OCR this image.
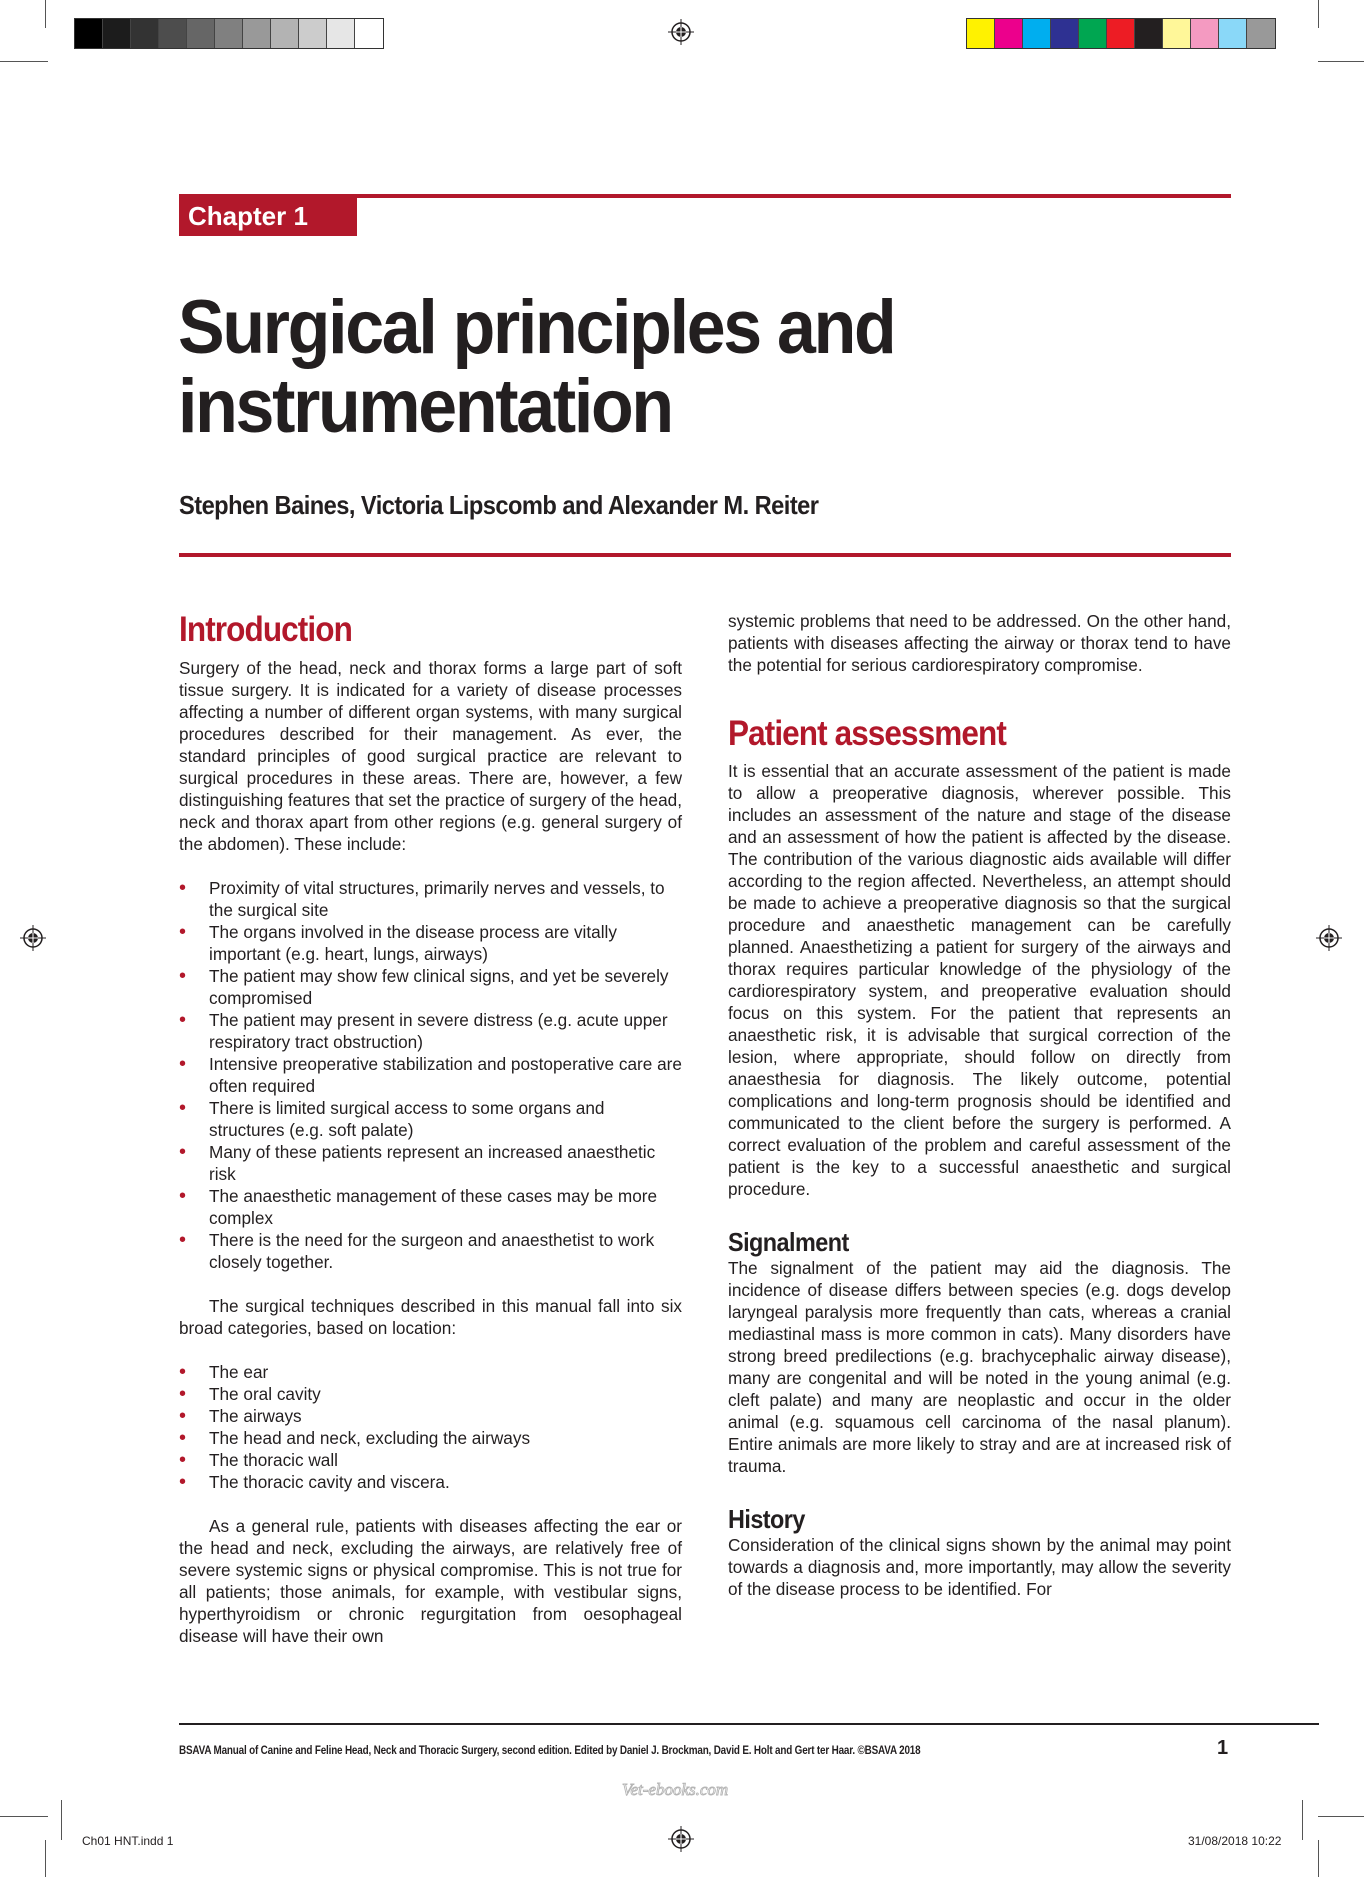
Chapter 1
Surgical principles and
instrumentation
Stephen Baines, Victoria Lipscomb and Alexander M. Reiter
Introduction

Surgery of the head, neck and thorax forms a large part of soft tissue surgery. It is indicated for a variety of disease processes affecting a number of different organ systems, with many surgical procedures described for their management. As ever, the standard principles of good surgical practice are relevant to surgical procedures in these areas. There are, however, a few distinguishing features that set the practice of surgery of the head, neck and thorax apart from other regions (e.g. general surgery of the abdomen). These include:

• Proximity of vital structures, primarily nerves and vessels, to the surgical site
• The organs involved in the disease process are vitally important (e.g. heart, lungs, airways)
• The patient may show few clinical signs, and yet be severely compromised
• The patient may present in severe distress (e.g. acute upper respiratory tract obstruction)
• Intensive preoperative stabilization and postoperative care are often required
• There is limited surgical access to some organs and structures (e.g. soft palate)
• Many of these patients represent an increased anaesthetic risk
• The anaesthetic management of these cases may be more complex
• There is the need for the surgeon and anaesthetist to work closely together.

The surgical techniques described in this manual fall into six broad categories, based on location:

• The ear
• The oral cavity
• The airways
• The head and neck, excluding the airways
• The thoracic wall
• The thoracic cavity and viscera.

As a general rule, patients with diseases affecting the ear or the head and neck, excluding the airways, are relatively free of severe systemic signs or physical compromise. This is not true for all patients; those animals, for example, with vestibular signs, hyperthyroidism or chronic regurgitation from oesophageal disease will have their own

systemic problems that need to be addressed. On the other hand, patients with diseases affecting the airway or thorax tend to have the potential for serious cardiorespiratory compromise.

Patient assessment

It is essential that an accurate assessment of the patient is made to allow a preoperative diagnosis, wherever possible. This includes an assessment of the nature and stage of the disease and an assessment of how the patient is affected by the disease. The contribution of the various diagnostic aids available will differ according to the region affected. Nevertheless, an attempt should be made to achieve a preoperative diagnosis so that the surgical procedure and anaesthetic management can be carefully planned. Anaesthetizing a patient for surgery of the airways and thorax requires particular knowledge of the physiology of the cardiorespiratory system, and preoperative evaluation should focus on this system. For the patient that represents an anaesthetic risk, it is advisable that surgical correction of the lesion, where appropriate, should follow on directly from anaesthesia for diagnosis. The likely outcome, potential complications and long-term prognosis should be identified and communicated to the client before the surgery is performed. A correct evaluation of the problem and careful assessment of the patient is the key to a successful anaesthetic and surgical procedure.

Signalment

The signalment of the patient may aid the diagnosis. The incidence of disease differs between species (e.g. dogs develop laryngeal paralysis more frequently than cats, whereas a cranial mediastinal mass is more common in cats). Many disorders have strong breed predilections (e.g. brachycephalic airway disease), many are congenital and will be noted in the young animal (e.g. cleft palate) and many are neoplastic and occur in the older animal (e.g. squamous cell carcinoma of the nasal planum). Entire animals are more likely to stray and are at increased risk of trauma.

History

Consideration of the clinical signs shown by the animal may point towards a diagnosis and, more importantly, may allow the severity of the disease process to be identified. For

BSAVA Manual of Canine and Feline Head, Neck and Thoracic Surgery, second edition. Edited by Daniel J. Brockman, David E. Holt and Gert ter Haar. ©BSAVA 2018	1
Vet-ebooks.com
Ch01 HNT.indd 1	31/08/2018 10:22
